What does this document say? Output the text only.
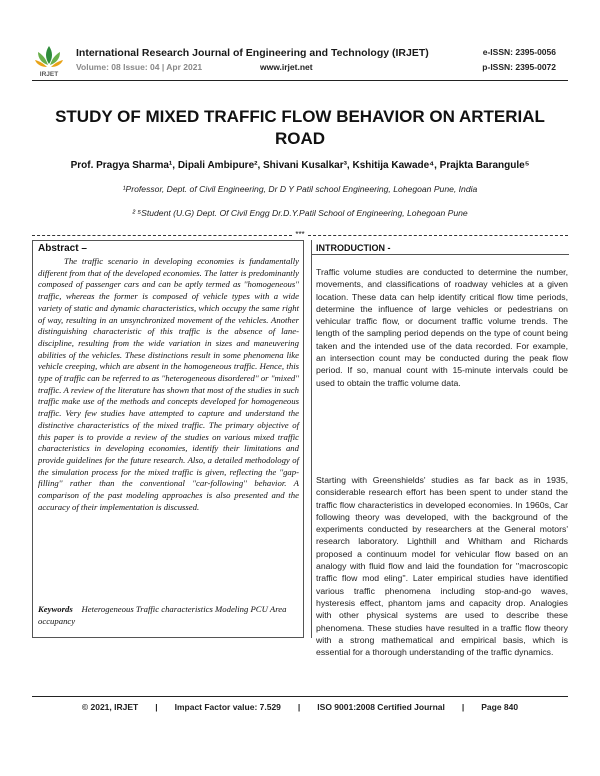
IRJET
International Research Journal of Engineering and Technology (IRJET)
Volume: 08 Issue: 04 | Apr 2021	www.irjet.net
e-ISSN: 2395-0056
p-ISSN: 2395-0072
STUDY OF MIXED TRAFFIC FLOW BEHAVIOR ON ARTERIAL
ROAD
Prof. Pragya Sharma¹, Dipali Ambipure², Shivani Kusalkar³, Kshitija Kawade⁴, Prajkta Barangule⁵
¹Professor, Dept. of Civil Engineering, Dr D Y Patil school Engineering, Lohegoan Pune, India
² ⁵Student (U.G) Dept. Of Civil Engg Dr.D.Y.Patil School of Engineering, Lohegoan Pune
***
Abstract –
The traffic scenario in developing economies is fundamentally different from that of the developed economies. The latter is predominantly composed of passenger cars and can be aptly termed as ''homogeneous'' traffic, whereas the former is composed of vehicle types with a wide variety of static and dynamic characteristics, which occupy the same right of way, resulting in an unsynchronized movement of the vehicles. Another distinguishing characteristic of this traffic is the absence of lane-discipline, resulting from the wide variation in sizes and maneuvering abilities of the vehicles. These distinctions result in some phenomena like vehicle creeping, which are absent in the homogeneous traffic. Hence, this type of traffic can be referred to as ''heterogeneous disordered'' or ''mixed'' traffic. A review of the literature has shown that most of the studies in such traffic make use of the methods and concepts developed for homogeneous traffic. Very few studies have attempted to capture and understand the distinctive characteristics of the mixed traffic. The primary objective of this paper is to provide a review of the studies on various mixed traffic characteristics in developing economies, identify their limitations and provide guidelines for the future research. Also, a detailed methodology of the simulation process for the mixed traffic is given, reflecting the ''gap-filling'' rather than the conventional ''car-following'' behavior. A comparison of the past modeling approaches is also presented and the accuracy of their implementation is discussed.
Keywords Heterogeneous Traffic characteristics Modeling PCU Area occupancy
INTRODUCTION -
Traffic volume studies are conducted to determine the number, movements, and classifications of roadway vehicles at a given location. These data can help identify critical flow time periods, determine the influence of large vehicles or pedestrians on vehicular traffic flow, or document traffic volume trends. The length of the sampling period depends on the type of count being taken and the intended use of the data recorded. For example, an intersection count may be conducted during the peak flow period. If so, manual count with 15-minute intervals could be used to obtain the traffic volume data.
Starting with Greenshields' studies as far back as in 1935, considerable research effort has been spent to under stand the traffic flow characteristics in developed economies. In 1960s, Car following theory was developed, with the background of the experiments conducted by researchers at the General motors' research laboratory. Lighthill and Whitham and Richards proposed a continuum model for vehicular flow based on an analogy with fluid flow and laid the foundation for ''macroscopic traffic flow mod eling''. Later empirical studies have identified various traffic phenomena including stop-and-go waves, hysteresis effect, phantom jams and capacity drop. Analogies with other physical systems are used to describe these phenomena. These studies have resulted in a traffic flow theory with a strong mathematical and empirical basis, which is essential for a thorough understanding of the traffic dynamics.
© 2021, IRJET	|	Impact Factor value: 7.529	|	ISO 9001:2008 Certified Journal	|	Page 840
